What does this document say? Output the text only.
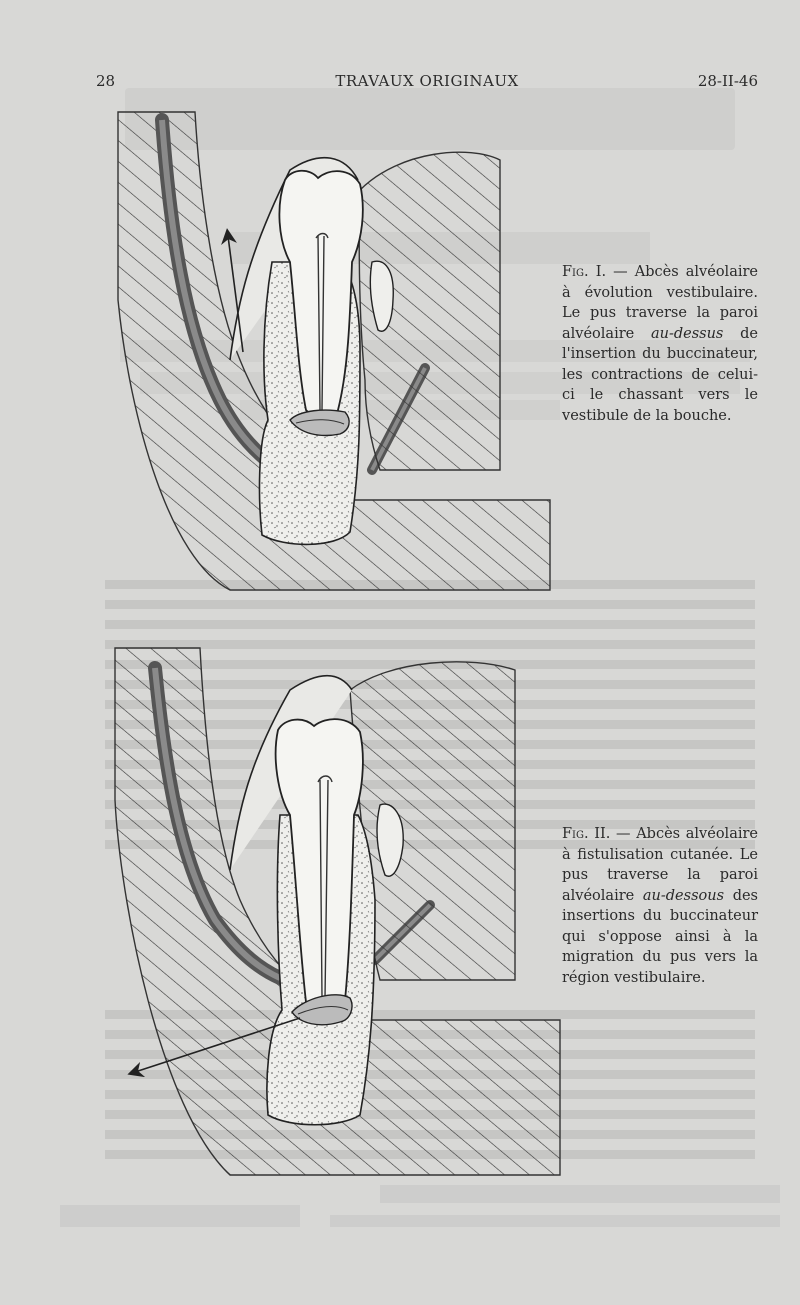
28	TRAVAUX ORIGINAUX	28-II-46
Fig. I. — Abcès alvéolaire à évolution vestibulaire. Le pus traverse la paroi alvéolaire au-dessus de l'insertion du buccinateur, les contractions de celui-ci le chassant vers le vestibule de la bouche.
Fig. II. — Abcès alvéolaire à fistulisation cutanée. Le pus traverse la paroi alvéolaire au-dessous des insertions du buccinateur qui s'oppose ainsi à la migration du pus vers la région vestibulaire.
